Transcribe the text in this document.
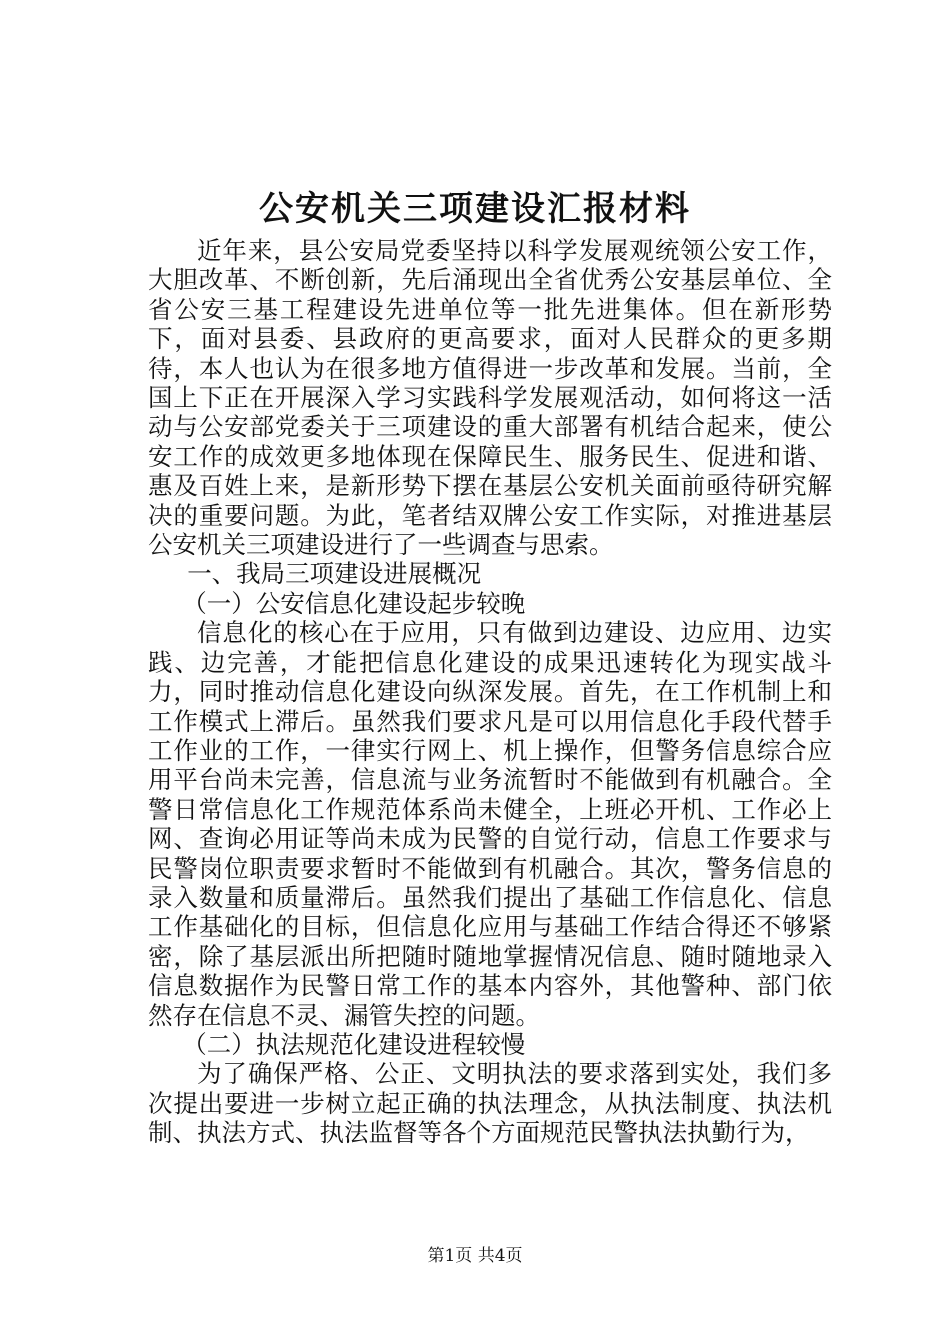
公安机关三项建设汇报材料

近年来，县公安局党委坚持以科学发展观统领公安工作，大胆改革、不断创新，先后涌现出全省优秀公安基层单位、全省公安三基工程建设先进单位等一批先进集体。但在新形势下，面对县委、县政府的更高要求，面对人民群众的更多期待，本人也认为在很多地方值得进一步改革和发展。当前，全国上下正在开展深入学习实践科学发展观活动，如何将这一活动与公安部党委关于三项建设的重大部署有机结合起来，使公安工作的成效更多地体现在保障民生、服务民生、促进和谐、惠及百姓上来，是新形势下摆在基层公安机关面前亟待研究解决的重要问题。为此，笔者结双牌公安工作实际，对推进基层公安机关三项建设进行了一些调查与思索。

一、我局三项建设进展概况

（一）公安信息化建设起步较晚

信息化的核心在于应用，只有做到边建设、边应用、边实践、边完善，才能把信息化建设的成果迅速转化为现实战斗力，同时推动信息化建设向纵深发展。首先，在工作机制上和工作模式上滞后。虽然我们要求凡是可以用信息化手段代替手工作业的工作，一律实行网上、机上操作，但警务信息综合应用平台尚未完善，信息流与业务流暂时不能做到有机融合。全警日常信息化工作规范体系尚未健全，上班必开机、工作必上网、查询必用证等尚未成为民警的自觉行动，信息工作要求与民警岗位职责要求暂时不能做到有机融合。其次，警务信息的录入数量和质量滞后。虽然我们提出了基础工作信息化、信息工作基础化的目标，但信息化应用与基础工作结合得还不够紧密，除了基层派出所把随时随地掌握情况信息、随时随地录入信息数据作为民警日常工作的基本内容外，其他警种、部门依然存在信息不灵、漏管失控的问题。

（二）执法规范化建设进程较慢

为了确保严格、公正、文明执法的要求落到实处，我们多次提出要进一步树立起正确的执法理念，从执法制度、执法机制、执法方式、执法监督等各个方面规范民警执法执勤行为，

第1页 共4页
